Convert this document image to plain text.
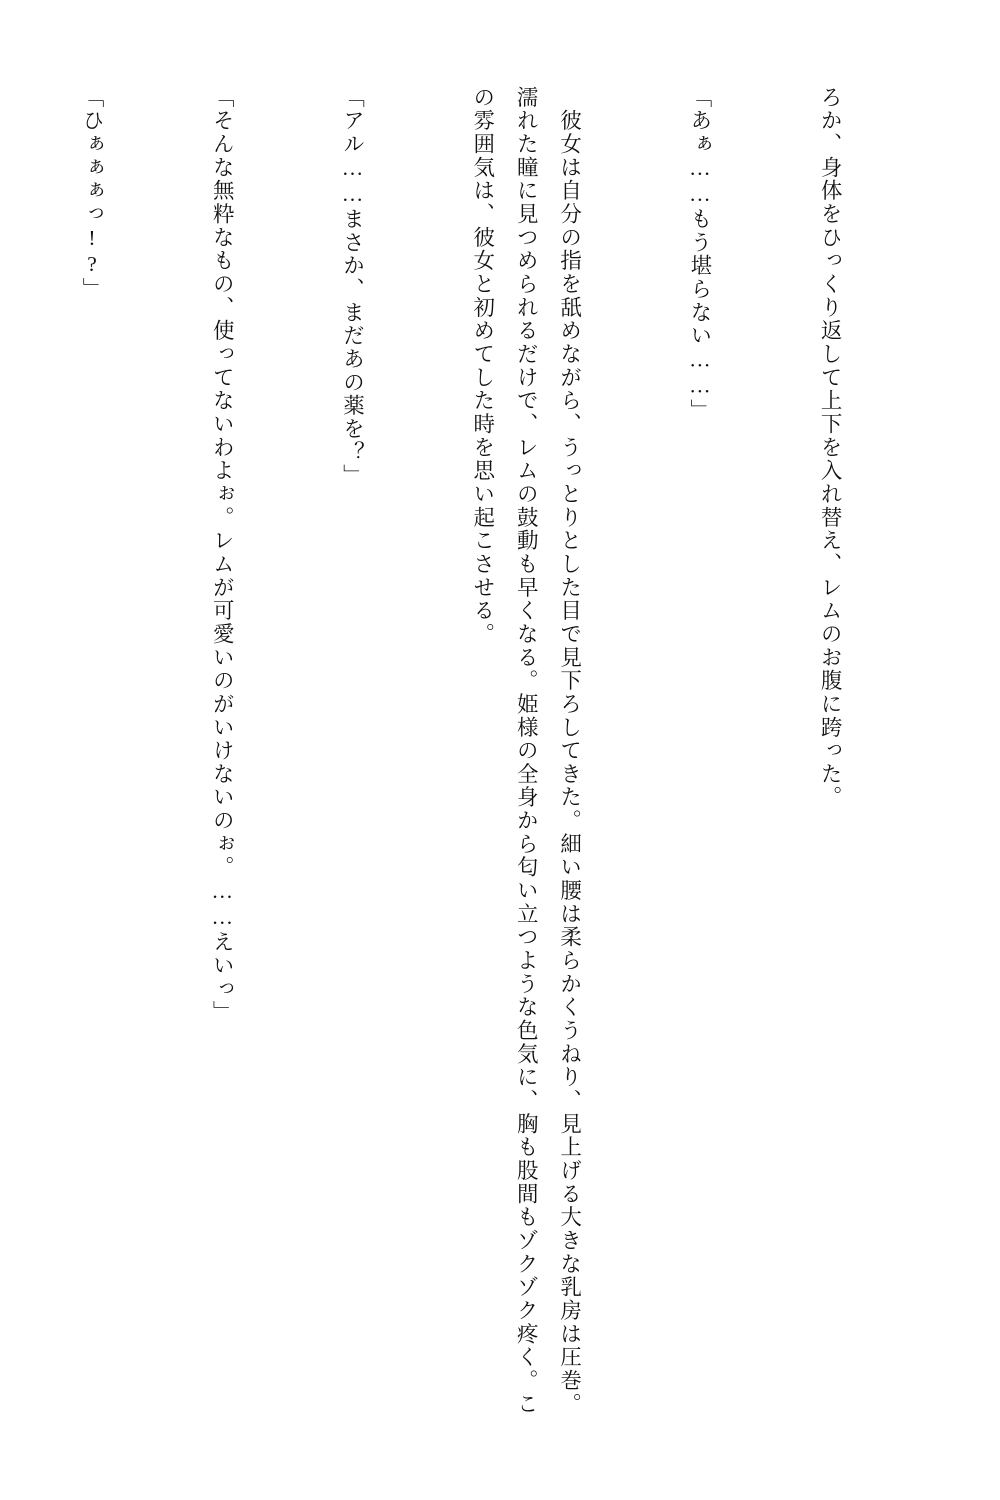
ろか、身体をひっくり返して上下を入れ替え、レムのお腹に跨った。

「あぁ……もう堪らない……」

　彼女は自分の指を舐めながら、うっとりとした目で見下ろしてきた。細い腰は柔らかくうねり、見上げる大きな乳房は圧巻。濡れた瞳に見つめられるだけで、レムの鼓動も早くなる。姫様の全身から匂い立つような色気に、胸も股間もゾクゾク疼く。この雰囲気は、彼女と初めてした時を思い起こさせる。

「アル……まさか、まだあの薬を？」

「そんな無粋なもの、使ってないわよぉ。レムが可愛いのがいけないのぉ。……えいっ」

「ひぁぁぁっ!?」
